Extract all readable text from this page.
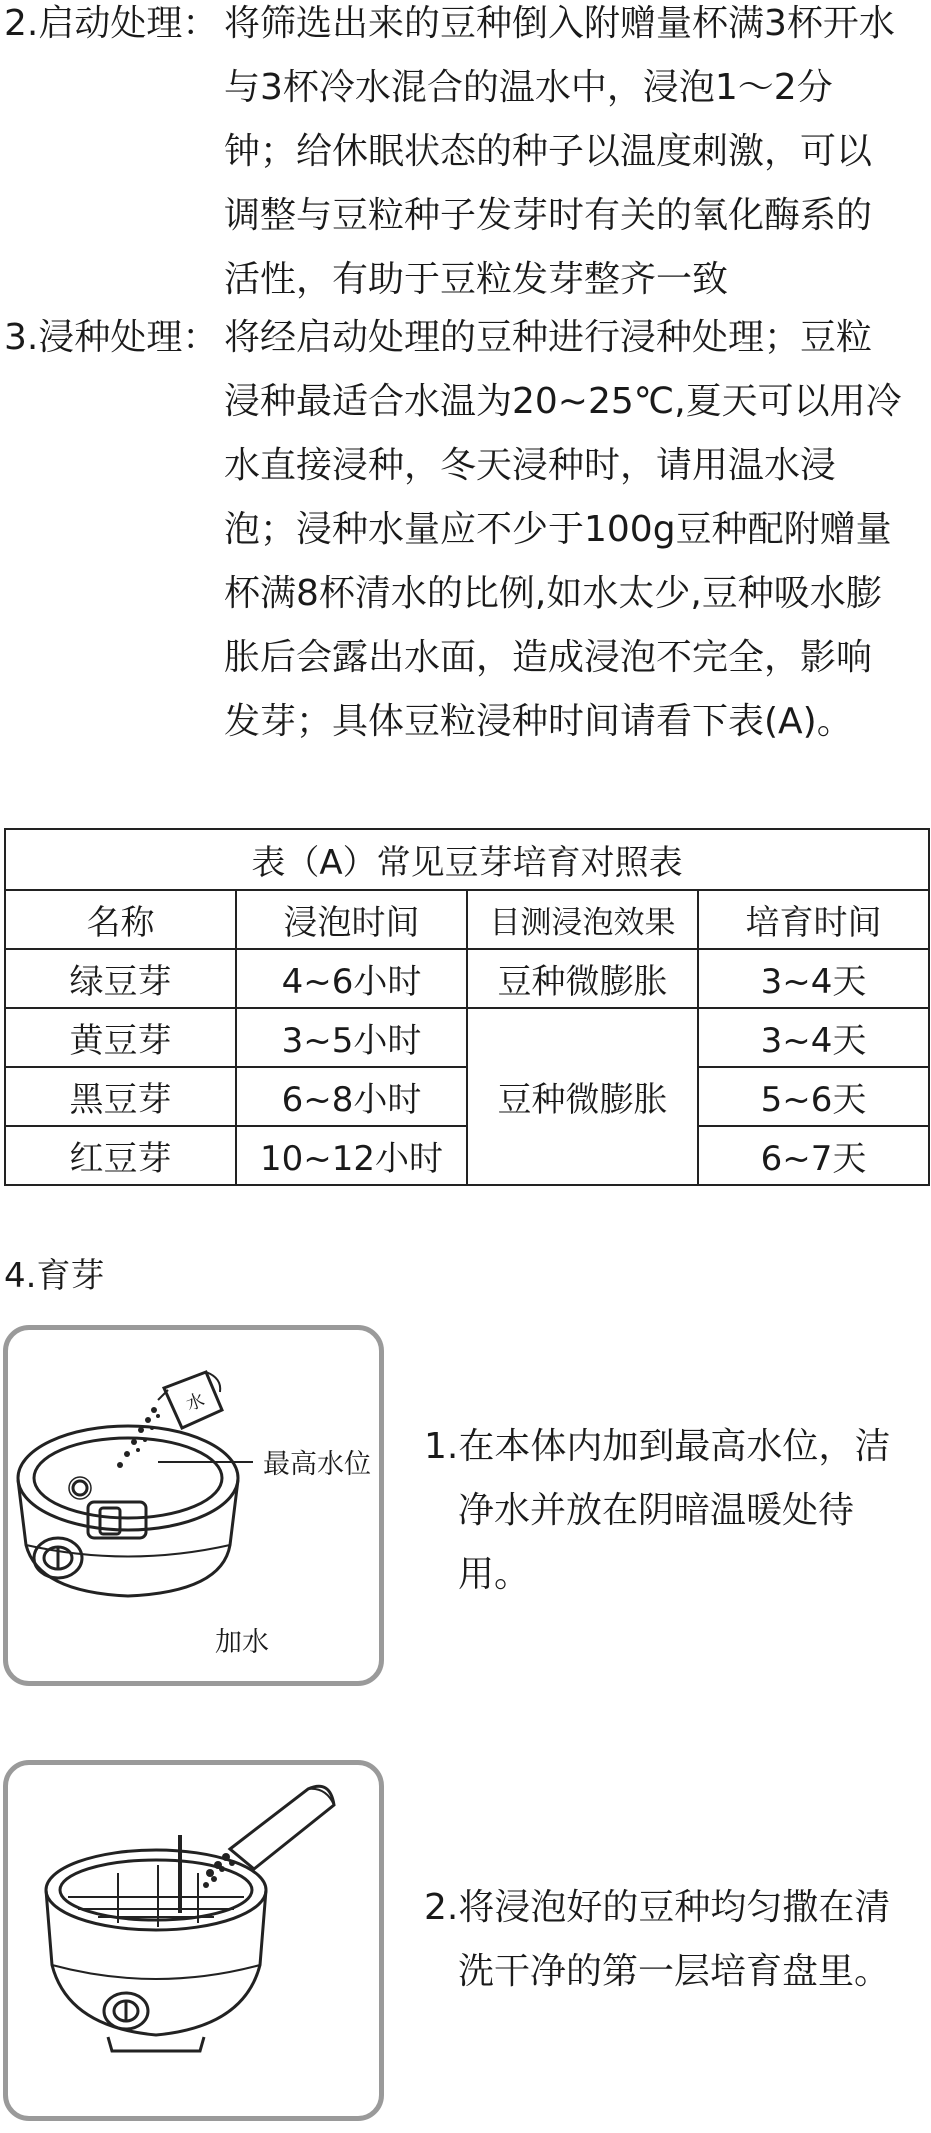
2.启动处理： 将筛选出来的豆种倒入附赠量杯满3杯开水
与3杯冷水混合的温水中，浸泡1～2分
钟；给休眠状态的种子以温度刺激，可以
调整与豆粒种子发芽时有关的氧化酶系的
活性，有助于豆粒发芽整齐一致
3.浸种处理： 将经启动处理的豆种进行浸种处理；豆粒
浸种最适合水温为20~25℃,夏天可以用冷
水直接浸种，冬天浸种时，请用温水浸
泡；浸种水量应不少于100g豆种配附赠量
杯满8杯清水的比例,如水太少,豆种吸水膨
胀后会露出水面，造成浸泡不完全，影响
发芽；具体豆粒浸种时间请看下表(A)。
表（A）常见豆芽培育对照表			
名称	浸泡时间	目测浸泡效果	培育时间
绿豆芽	4~6小时	豆种微膨胀	3~4天
黄豆芽	3~5小时	豆种微膨胀	3~4天
黑豆芽	6~8小时		5~6天
红豆芽	10~12小时		6~7天
4.育芽
水
最高水位
加水
1.在本体内加到最高水位，洁
净水并放在阴暗温暖处待
用。
2.将浸泡好的豆种均匀撒在清
洗干净的第一层培育盘里。
